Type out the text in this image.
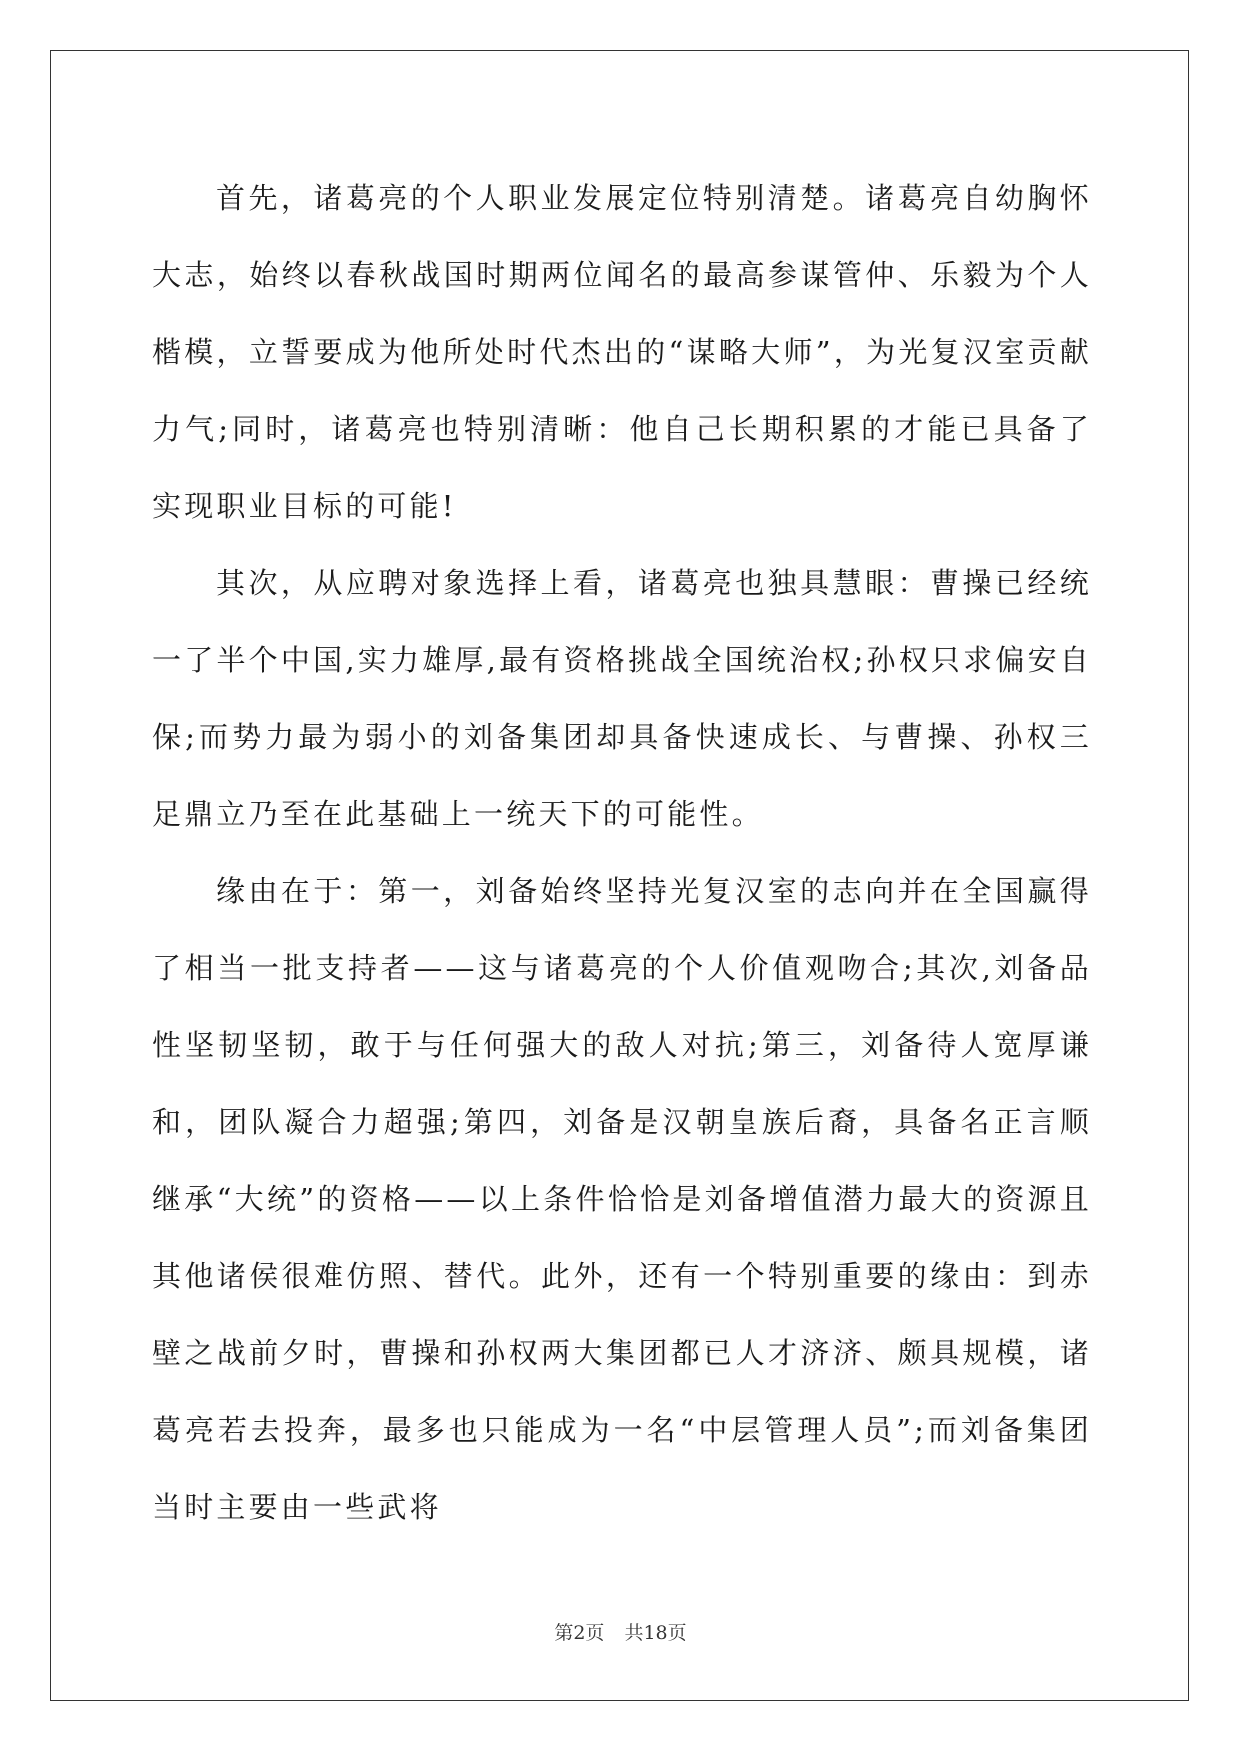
首先，诸葛亮的个人职业发展定位特别清楚。诸葛亮自幼胸怀大志，始终以春秋战国时期两位闻名的最高参谋管仲、乐毅为个人楷模，立誓要成为他所处时代杰出的“谋略大师”，为光复汉室贡献力气;同时，诸葛亮也特别清晰：他自己长期积累的才能已具备了实现职业目标的可能!

其次，从应聘对象选择上看，诸葛亮也独具慧眼：曹操已经统一了半个中国,实力雄厚,最有资格挑战全国统治权;孙权只求偏安自保;而势力最为弱小的刘备集团却具备快速成长、与曹操、孙权三足鼎立乃至在此基础上一统天下的可能性。

缘由在于：第一，刘备始终坚持光复汉室的志向并在全国赢得了相当一批支持者——这与诸葛亮的个人价值观吻合;其次,刘备品性坚韧坚韧，敢于与任何强大的敌人对抗;第三，刘备待人宽厚谦和，团队凝合力超强;第四，刘备是汉朝皇族后裔，具备名正言顺继承“大统”的资格——以上条件恰恰是刘备增值潜力最大的资源且其他诸侯很难仿照、替代。此外，还有一个特别重要的缘由：到赤壁之战前夕时，曹操和孙权两大集团都已人才济济、颇具规模，诸葛亮若去投奔，最多也只能成为一名“中层管理人员”;而刘备集团当时主要由一些武将

第2页 共18页
